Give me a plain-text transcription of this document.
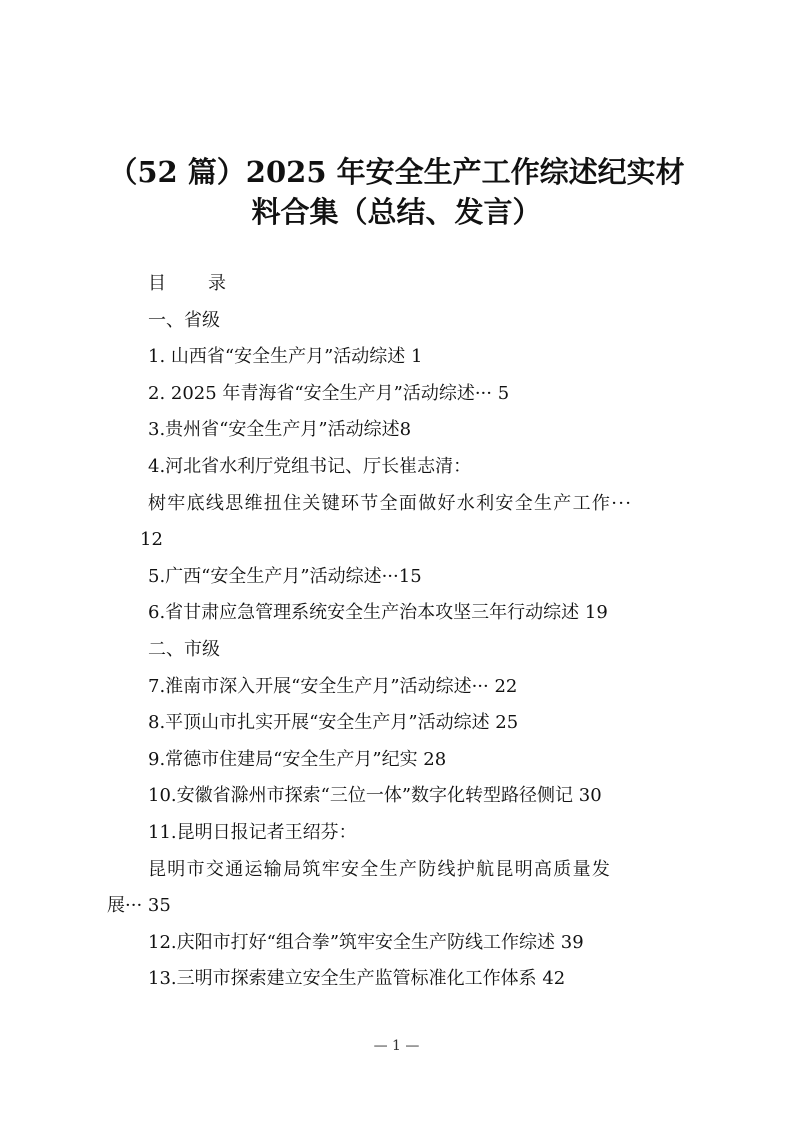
（52 篇）2025 年安全生产工作综述纪实材
料合集（总结、发言）
目　录
一、省级
1. 山西省“安全生产月”活动综述 1
2. 2025 年青海省“安全生产月”活动综述··· 5
3.贵州省“安全生产月”活动综述8
4.河北省水利厅党组书记、厅长崔志清：
树牢底线思维扭住关键环节全面做好水利安全生产工作···
12
5.广西“安全生产月”活动综述···15
6.省甘肃应急管理系统安全生产治本攻坚三年行动综述 19
二、市级
7.淮南市深入开展“安全生产月”活动综述··· 22
8.平顶山市扎实开展“安全生产月”活动综述 25
9.常德市住建局“安全生产月”纪实 28
10.安徽省滁州市探索“三位一体”数字化转型路径侧记 30
11.昆明日报记者王绍芬：
昆明市交通运输局筑牢安全生产防线护航昆明高质量发
展··· 35
12.庆阳市打好“组合拳”筑牢安全生产防线工作综述 39
13.三明市探索建立安全生产监管标准化工作体系 42
— 1 —
